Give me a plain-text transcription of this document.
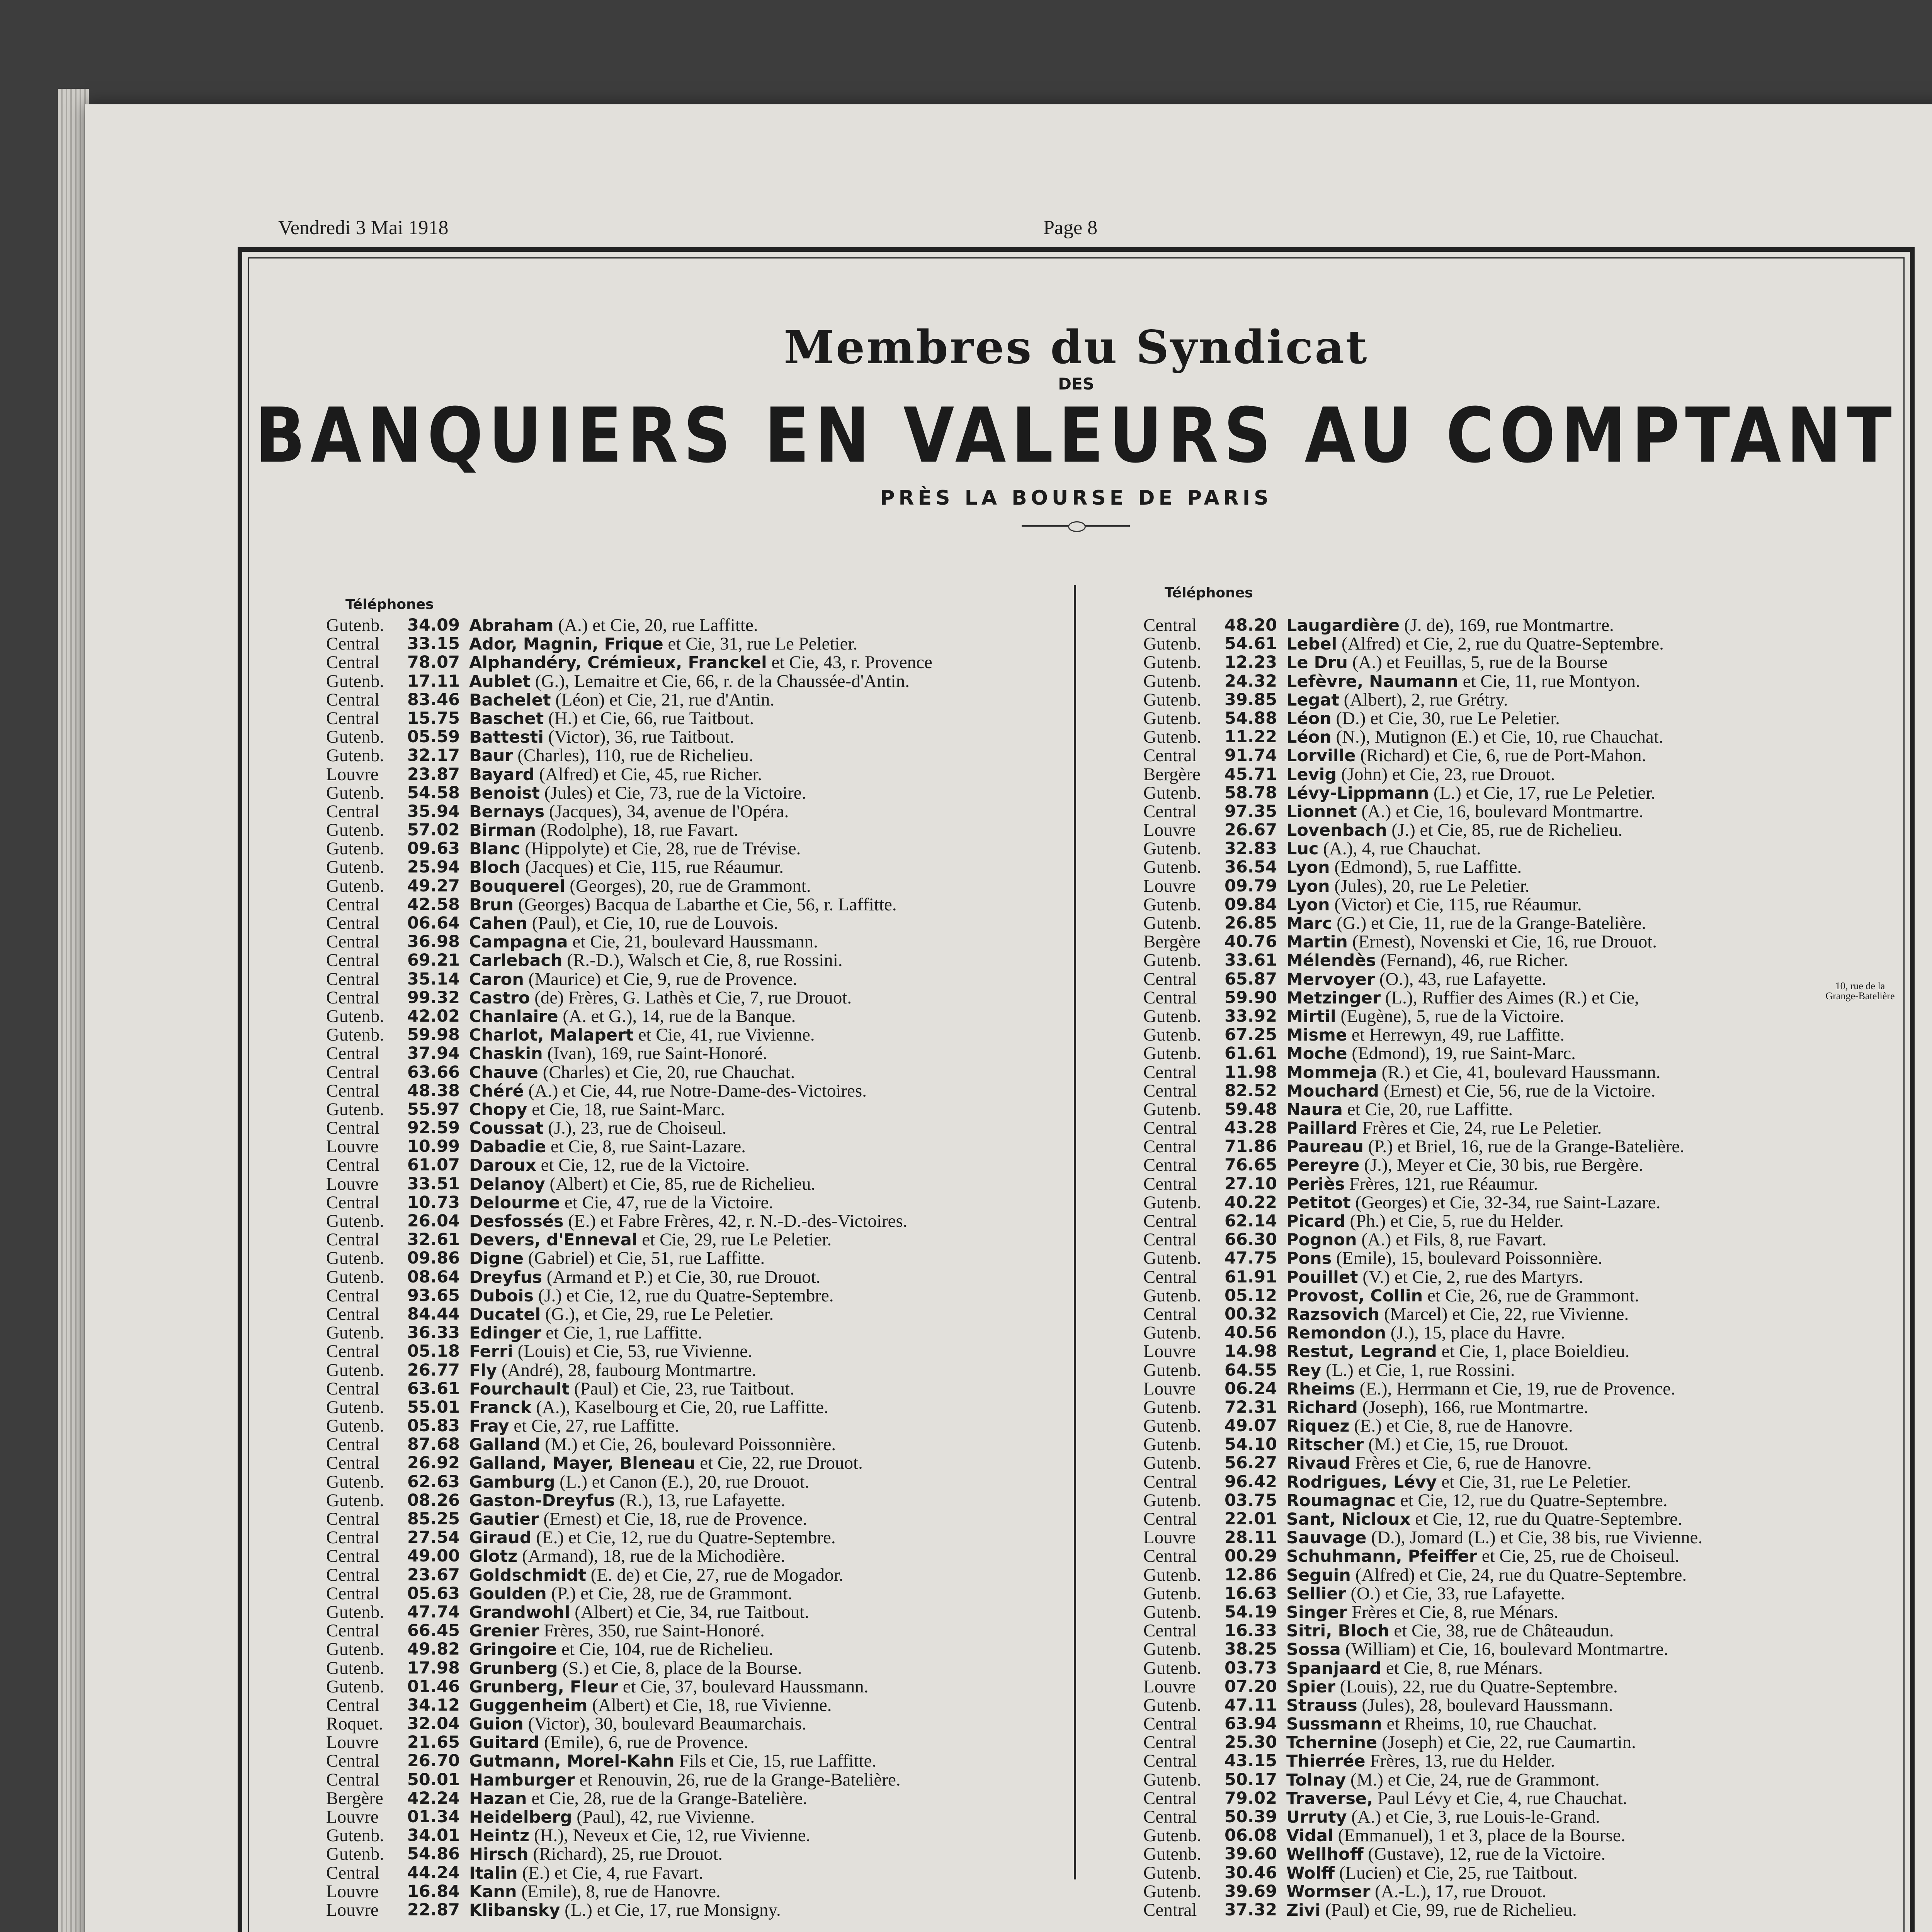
Vendredi 3 Mai 1918	Page 8
Membres du Syndicat
DES
BANQUIERS EN VALEURS AU COMPTANT
PRÈS LA BOURSE DE PARIS
Téléphones
Téléphones
Gutenb.	34.09 Abraham (A.) et Cie, 20, rue Laffitte.
Central	33.15 Ador, Magnin, Frique et Cie, 31, rue Le Peletier.
Central	78.07 Alphandéry, Crémieux, Franckel et Cie, 43, r. Provence
Gutenb.	17.11 Aublet (G.), Lemaitre et Cie, 66, r. de la Chaussée-d'Antin.
Central	83.46 Bachelet (Léon) et Cie, 21, rue d'Antin.
Central	15.75 Baschet (H.) et Cie, 66, rue Taitbout.
Gutenb.	05.59 Battesti (Victor), 36, rue Taitbout.
Gutenb.	32.17 Baur (Charles), 110, rue de Richelieu.
Louvre	23.87 Bayard (Alfred) et Cie, 45, rue Richer.
Gutenb.	54.58 Benoist (Jules) et Cie, 73, rue de la Victoire.
Central	35.94 Bernays (Jacques), 34, avenue de l'Opéra.
Gutenb.	57.02 Birman (Rodolphe), 18, rue Favart.
Gutenb.	09.63 Blanc (Hippolyte) et Cie, 28, rue de Trévise.
Gutenb.	25.94 Bloch (Jacques) et Cie, 115, rue Réaumur.
Gutenb.	49.27 Bouquerel (Georges), 20, rue de Grammont.
Central	42.58 Brun (Georges) Bacqua de Labarthe et Cie, 56, r. Laffitte.
Central	06.64 Cahen (Paul), et Cie, 10, rue de Louvois.
Central	36.98 Campagna et Cie, 21, boulevard Haussmann.
Central	69.21 Carlebach (R.-D.), Walsch et Cie, 8, rue Rossini.
Central	35.14 Caron (Maurice) et Cie, 9, rue de Provence.
Central	99.32 Castro (de) Frères, G. Lathès et Cie, 7, rue Drouot.
Gutenb.	42.02 Chanlaire (A. et G.), 14, rue de la Banque.
Gutenb.	59.98 Charlot, Malapert et Cie, 41, rue Vivienne.
Central	37.94 Chaskin (Ivan), 169, rue Saint-Honoré.
Central	63.66 Chauve (Charles) et Cie, 20, rue Chauchat.
Central	48.38 Chéré (A.) et Cie, 44, rue Notre-Dame-des-Victoires.
Gutenb.	55.97 Chopy et Cie, 18, rue Saint-Marc.
Central	92.59 Coussat (J.), 23, rue de Choiseul.
Louvre	10.99 Dabadie et Cie, 8, rue Saint-Lazare.
Central	61.07 Daroux et Cie, 12, rue de la Victoire.
Louvre	33.51 Delanoy (Albert) et Cie, 85, rue de Richelieu.
Central	10.73 Delourme et Cie, 47, rue de la Victoire.
Gutenb.	26.04 Desfossés (E.) et Fabre Frères, 42, r. N.-D.-des-Victoires.
Central	32.61 Devers, d'Enneval et Cie, 29, rue Le Peletier.
Gutenb.	09.86 Digne (Gabriel) et Cie, 51, rue Laffitte.
Gutenb.	08.64 Dreyfus (Armand et P.) et Cie, 30, rue Drouot.
Central	93.65 Dubois (J.) et Cie, 12, rue du Quatre-Septembre.
Central	84.44 Ducatel (G.), et Cie, 29, rue Le Peletier.
Gutenb.	36.33 Edinger et Cie, 1, rue Laffitte.
Central	05.18 Ferri (Louis) et Cie, 53, rue Vivienne.
Gutenb.	26.77 Fly (André), 28, faubourg Montmartre.
Central	63.61 Fourchault (Paul) et Cie, 23, rue Taitbout.
Gutenb.	55.01 Franck (A.), Kaselbourg et Cie, 20, rue Laffitte.
Gutenb.	05.83 Fray et Cie, 27, rue Laffitte.
Central	87.68 Galland (M.) et Cie, 26, boulevard Poissonnière.
Central	26.92 Galland, Mayer, Bleneau et Cie, 22, rue Drouot.
Gutenb.	62.63 Gamburg (L.) et Canon (E.), 20, rue Drouot.
Gutenb.	08.26 Gaston-Dreyfus (R.), 13, rue Lafayette.
Central	85.25 Gautier (Ernest) et Cie, 18, rue de Provence.
Central	27.54 Giraud (E.) et Cie, 12, rue du Quatre-Septembre.
Central	49.00 Glotz (Armand), 18, rue de la Michodière.
Central	23.67 Goldschmidt (E. de) et Cie, 27, rue de Mogador.
Central	05.63 Goulden (P.) et Cie, 28, rue de Grammont.
Gutenb.	47.74 Grandwohl (Albert) et Cie, 34, rue Taitbout.
Central	66.45 Grenier Frères, 350, rue Saint-Honoré.
Gutenb.	49.82 Gringoire et Cie, 104, rue de Richelieu.
Gutenb.	17.98 Grunberg (S.) et Cie, 8, place de la Bourse.
Gutenb.	01.46 Grunberg, Fleur et Cie, 37, boulevard Haussmann.
Central	34.12 Guggenheim (Albert) et Cie, 18, rue Vivienne.
Roquet.	32.04 Guion (Victor), 30, boulevard Beaumarchais.
Louvre	21.65 Guitard (Emile), 6, rue de Provence.
Central	26.70 Gutmann, Morel-Kahn Fils et Cie, 15, rue Laffitte.
Central	50.01 Hamburger et Renouvin, 26, rue de la Grange-Batelière.
Bergère	42.24 Hazan et Cie, 28, rue de la Grange-Batelière.
Louvre	01.34 Heidelberg (Paul), 42, rue Vivienne.
Gutenb.	34.01 Heintz (H.), Neveux et Cie, 12, rue Vivienne.
Gutenb.	54.86 Hirsch (Richard), 25, rue Drouot.
Central	44.24 Italin (E.) et Cie, 4, rue Favart.
Louvre	16.84 Kann (Emile), 8, rue de Hanovre.
Louvre	22.87 Klibansky (L.) et Cie, 17, rue Monsigny.
Central	48.20 Laugardière (J. de), 169, rue Montmartre.
Gutenb.	54.61 Lebel (Alfred) et Cie, 2, rue du Quatre-Septembre.
Gutenb.	12.23 Le Dru (A.) et Feuillas, 5, rue de la Bourse
Gutenb.	24.32 Lefèvre, Naumann et Cie, 11, rue Montyon.
Gutenb.	39.85 Legat (Albert), 2, rue Grétry.
Gutenb.	54.88 Léon (D.) et Cie, 30, rue Le Peletier.
Gutenb.	11.22 Léon (N.), Mutignon (E.) et Cie, 10, rue Chauchat.
Central	91.74 Lorville (Richard) et Cie, 6, rue de Port-Mahon.
Bergère	45.71 Levig (John) et Cie, 23, rue Drouot.
Gutenb.	58.78 Lévy-Lippmann (L.) et Cie, 17, rue Le Peletier.
Central	97.35 Lionnet (A.) et Cie, 16, boulevard Montmartre.
Louvre	26.67 Lovenbach (J.) et Cie, 85, rue de Richelieu.
Gutenb.	32.83 Luc (A.), 4, rue Chauchat.
Gutenb.	36.54 Lyon (Edmond), 5, rue Laffitte.
Louvre	09.79 Lyon (Jules), 20, rue Le Peletier.
Gutenb.	09.84 Lyon (Victor) et Cie, 115, rue Réaumur.
Gutenb.	26.85 Marc (G.) et Cie, 11, rue de la Grange-Batelière.
Bergère	40.76 Martin (Ernest), Novenski et Cie, 16, rue Drouot.
Gutenb.	33.61 Mélendès (Fernand), 46, rue Richer.
Central	65.87 Mervoyer (O.), 43, rue Lafayette.
Central	59.90 Metzinger (L.), Ruffier des Aimes (R.) et Cie,
Gutenb.	33.92 Mirtil (Eugène), 5, rue de la Victoire.
Gutenb.	67.25 Misme et Herrewyn, 49, rue Laffitte.
Gutenb.	61.61 Moche (Edmond), 19, rue Saint-Marc.
Central	11.98 Mommeja (R.) et Cie, 41, boulevard Haussmann.
Central	82.52 Mouchard (Ernest) et Cie, 56, rue de la Victoire.
Gutenb.	59.48 Naura et Cie, 20, rue Laffitte.
Central	43.28 Paillard Frères et Cie, 24, rue Le Peletier.
Central	71.86 Paureau (P.) et Briel, 16, rue de la Grange-Batelière.
Central	76.65 Pereyre (J.), Meyer et Cie, 30 bis, rue Bergère.
Central	27.10 Periès Frères, 121, rue Réaumur.
Gutenb.	40.22 Petitot (Georges) et Cie, 32-34, rue Saint-Lazare.
Central	62.14 Picard (Ph.) et Cie, 5, rue du Helder.
Central	66.30 Pognon (A.) et Fils, 8, rue Favart.
Gutenb.	47.75 Pons (Emile), 15, boulevard Poissonnière.
Central	61.91 Pouillet (V.) et Cie, 2, rue des Martyrs.
Gutenb.	05.12 Provost, Collin et Cie, 26, rue de Grammont.
Central	00.32 Razsovich (Marcel) et Cie, 22, rue Vivienne.
Gutenb.	40.56 Remondon (J.), 15, place du Havre.
Louvre	14.98 Restut, Legrand et Cie, 1, place Boieldieu.
Gutenb.	64.55 Rey (L.) et Cie, 1, rue Rossini.
Louvre	06.24 Rheims (E.), Herrmann et Cie, 19, rue de Provence.
Gutenb.	72.31 Richard (Joseph), 166, rue Montmartre.
Gutenb.	49.07 Riquez (E.) et Cie, 8, rue de Hanovre.
Gutenb.	54.10 Ritscher (M.) et Cie, 15, rue Drouot.
Gutenb.	56.27 Rivaud Frères et Cie, 6, rue de Hanovre.
Central	96.42 Rodrigues, Lévy et Cie, 31, rue Le Peletier.
Gutenb.	03.75 Roumagnac et Cie, 12, rue du Quatre-Septembre.
Central	22.01 Sant, Nicloux et Cie, 12, rue du Quatre-Septembre.
Louvre	28.11 Sauvage (D.), Jomard (L.) et Cie, 38 bis, rue Vivienne.
Central	00.29 Schuhmann, Pfeiffer et Cie, 25, rue de Choiseul.
Gutenb.	12.86 Seguin (Alfred) et Cie, 24, rue du Quatre-Septembre.
Gutenb.	16.63 Sellier (O.) et Cie, 33, rue Lafayette.
Gutenb.	54.19 Singer Frères et Cie, 8, rue Ménars.
Central	16.33 Sitri, Bloch et Cie, 38, rue de Châteaudun.
Gutenb.	38.25 Sossa (William) et Cie, 16, boulevard Montmartre.
Gutenb.	03.73 Spanjaard et Cie, 8, rue Ménars.
Louvre	07.20 Spier (Louis), 22, rue du Quatre-Septembre.
Gutenb.	47.11 Strauss (Jules), 28, boulevard Haussmann.
Central	63.94 Sussmann et Rheims, 10, rue Chauchat.
Central	25.30 Tchernine (Joseph) et Cie, 22, rue Caumartin.
Central	43.15 Thierrée Frères, 13, rue du Helder.
Gutenb.	50.17 Tolnay (M.) et Cie, 24, rue de Grammont.
Central	79.02 Traverse, Paul Lévy et Cie, 4, rue Chauchat.
Central	50.39 Urruty (A.) et Cie, 3, rue Louis-le-Grand.
Gutenb.	06.08 Vidal (Emmanuel), 1 et 3, place de la Bourse.
Gutenb.	39.60 Wellhoff (Gustave), 12, rue de la Victoire.
Gutenb.	30.46 Wolff (Lucien) et Cie, 25, rue Taitbout.
Gutenb.	39.69 Wormser (A.-L.), 17, rue Drouot.
Central	37.32 Zivi (Paul) et Cie, 99, rue de Richelieu.
10, rue de la Grange-Batelière
